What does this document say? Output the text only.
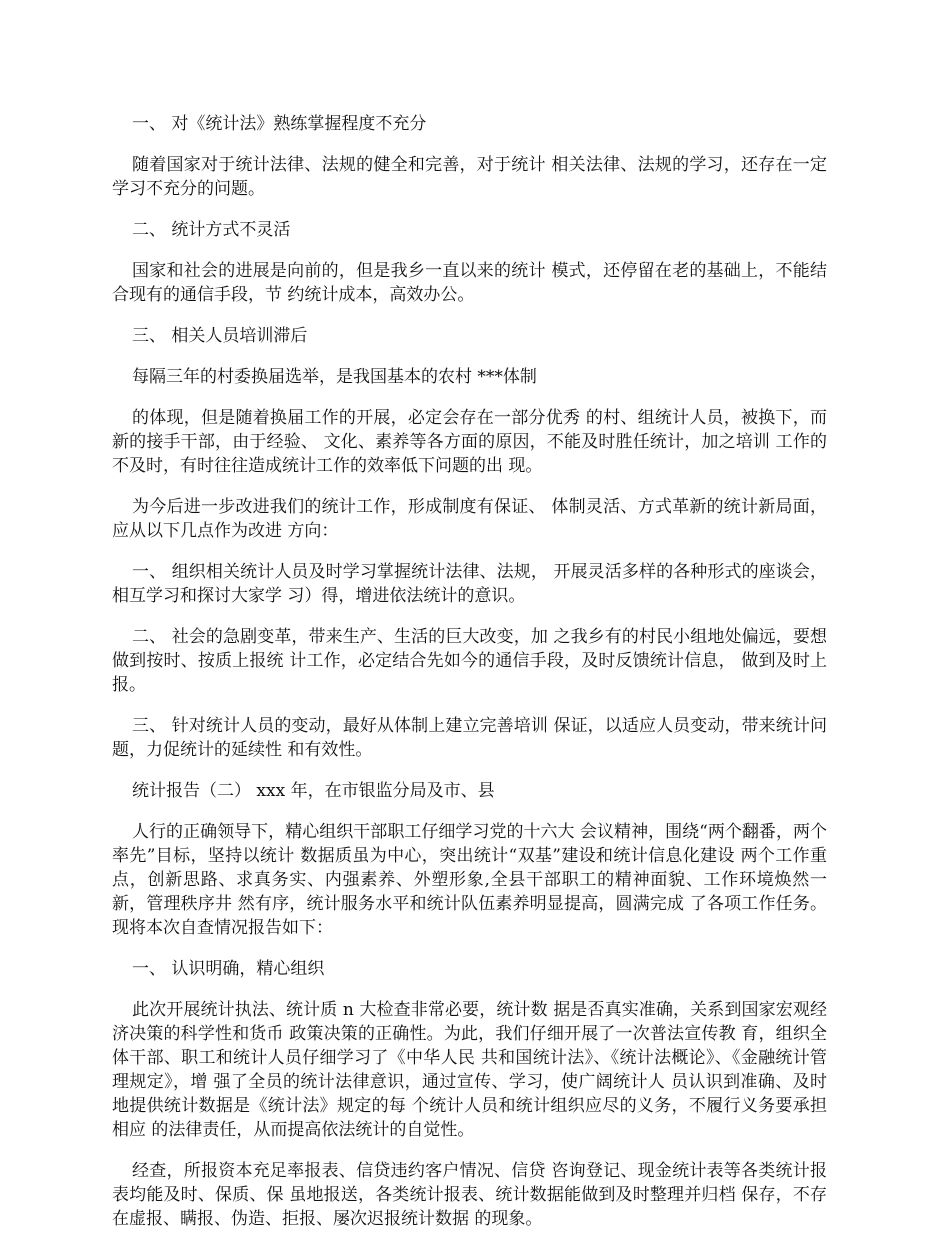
一、 对《统计法》熟练掌握程度不充分

随着国家对于统计法律、法规的健全和完善，对于统计 相关法律、法规的学习，还存在一定学习不充分的问题。

二、 统计方式不灵活

国家和社会的进展是向前的，但是我乡一直以来的统计 模式，还停留在老的基础上，不能结合现有的通信手段，节 约统计成本，高效办公。

三、 相关人员培训滞后

每隔三年的村委换届选举，是我国基本的农村 ***体制

的体现，但是随着换届工作的开展，必定会存在一部分优秀 的村、组统计人员，被换下，而新的接手干部，由于经验、 文化、素养等各方面的原因，不能及时胜任统计，加之培训 工作的不及时，有时往往造成统计工作的效率低下问题的出 现。

为今后进一步改进我们的统计工作，形成制度有保证、 体制灵活、方式革新的统计新局面，应从以下几点作为改进 方向：

一、 组织相关统计人员及时学习掌握统计法律、法规， 开展灵活多样的各种形式的座谈会，相互学习和探讨大家学 习）得，增进依法统计的意识。

二、 社会的急剧变革，带来生产、生活的巨大改变，加 之我乡有的村民小组地处偏远，要想做到按时、按质上报统 计工作，必定结合先如今的通信手段，及时反馈统计信息， 做到及时上报。

三、 针对统计人员的变动，最好从体制上建立完善培训 保证，以适应人员变动，带来统计问题，力促统计的延续性 和有效性。

统计报告（二） xxx 年，在市银监分局及市、县

人行的正确领导下，精心组织干部职工仔细学习党的十六大 会议精神，围绕“两个翻番，两个率先”目标，坚持以统计 数据质虽为中心，突出统计“双基”建设和统计信息化建设 两个工作重点，创新思路、求真务实、内强素养、外塑形象,全县干部职工的精神面貌、工作环境焕然一新，管理秩序井 然有序，统计服务水平和统计队伍素养明显提高，圆满完成 了各项工作任务。现将本次自查情况报告如下：

一、 认识明确，精心组织

此次开展统计执法、统计质 n 大检查非常必要，统计数 据是否真实准确，关系到国家宏观经济决策的科学性和货币 政策决策的正确性。为此，我们仔细开展了一次普法宣传教 育，组织全体干部、职工和统计人员仔细学习了《中华人民 共和国统计法》、《统计法概论》、《金融统计管理规定》，增 强了全员的统计法律意识，通过宣传、学习，使广阔统计人 员认识到准确、及时地提供统计数据是《统计法》规定的每 个统计人员和统计组织应尽的义务，不履行义务要承担相应 的法律责任，从而提高依法统计的自觉性。

经查，所报资本充足率报表、信贷违约客户情况、信贷 咨询登记、现金统计表等各类统计报表均能及时、保质、保 虽地报送，各类统计报表、统计数据能做到及时整理并归档 保存，不存在虚报、瞒报、伪造、拒报、屡次迟报统计数据 的现象。
